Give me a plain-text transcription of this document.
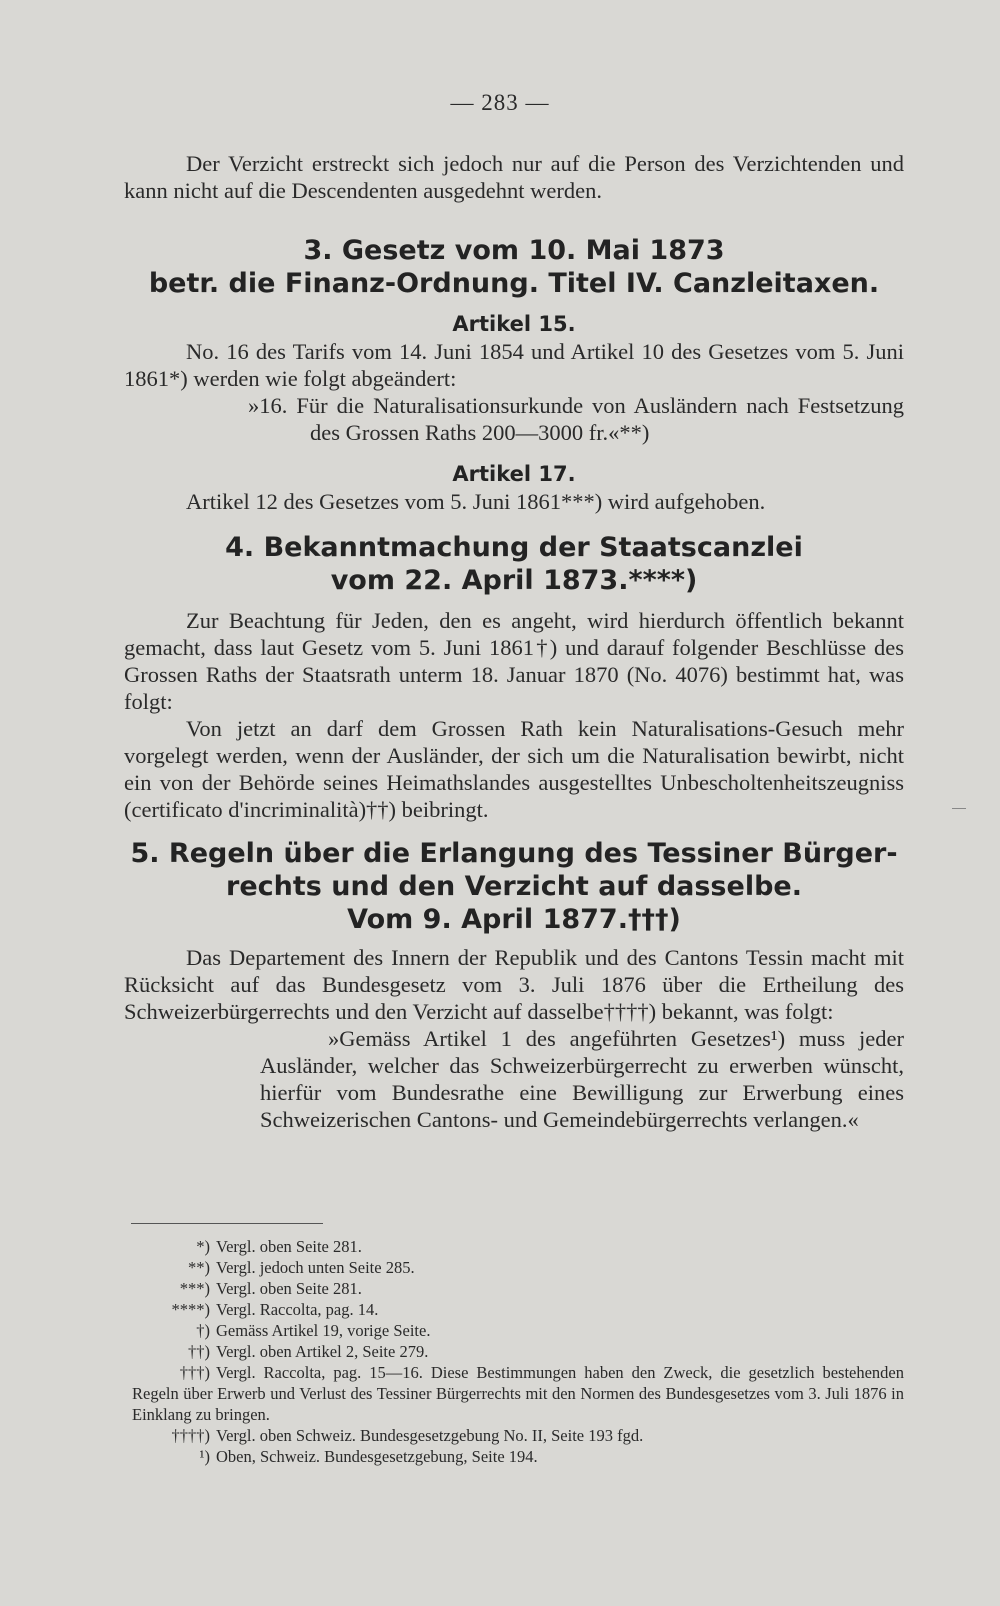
— 283 —

Der Verzicht erstreckt sich jedoch nur auf die Person des Verzichtenden und kann nicht auf die Descendenten ausgedehnt werden.

3. Gesetz vom 10. Mai 1873
betr. die Finanz-Ordnung. Titel IV. Canzleitaxen.
Artikel 15.

No. 16 des Tarifs vom 14. Juni 1854 und Artikel 10 des Gesetzes vom 5. Juni 1861*) werden wie folgt abgeändert:

»16. Für die Naturalisationsurkunde von Ausländern nach Festsetzung des Grossen Raths 200—3000 fr.«**)

Artikel 17.

Artikel 12 des Gesetzes vom 5. Juni 1861***) wird aufgehoben.

4. Bekanntmachung der Staatscanzlei
vom 22. April 1873.****)

Zur Beachtung für Jeden, den es angeht, wird hierdurch öffentlich bekannt gemacht, dass laut Gesetz vom 5. Juni 1861†) und darauf folgender Beschlüsse des Grossen Raths der Staatsrath unterm 18. Januar 1870 (No. 4076) bestimmt hat, was folgt:

Von jetzt an darf dem Grossen Rath kein Naturalisations-Gesuch mehr vorgelegt werden, wenn der Ausländer, der sich um die Naturalisation bewirbt, nicht ein von der Behörde seines Heimathslandes ausgestelltes Unbescholtenheitszeugniss (certificato d'incriminalità)††) beibringt.

5. Regeln über die Erlangung des Tessiner Bürger-
rechts und den Verzicht auf dasselbe.
Vom 9. April 1877.†††)

Das Departement des Innern der Republik und des Cantons Tessin macht mit Rücksicht auf das Bundesgesetz vom 3. Juli 1876 über die Ertheilung des Schweizerbürgerrechts und den Verzicht auf dasselbe††††) bekannt, was folgt:

»Gemäss Artikel 1 des angeführten Gesetzes¹) muss jeder Ausländer, welcher das Schweizerbürgerrecht zu erwerben wünscht, hierfür vom Bundesrathe eine Bewilligung zur Erwerbung eines Schweizerischen Cantons- und Gemeindebürgerrechts verlangen.«

*) Vergl. oben Seite 281.

**) Vergl. jedoch unten Seite 285.

***) Vergl. oben Seite 281.

****) Vergl. Raccolta, pag. 14.

†) Gemäss Artikel 19, vorige Seite.

††) Vergl. oben Artikel 2, Seite 279.

†††) Vergl. Raccolta, pag. 15—16. Diese Bestimmungen haben den Zweck, die gesetzlich bestehenden Regeln über Erwerb und Verlust des Tessiner Bürgerrechts mit den Normen des Bundesgesetzes vom 3. Juli 1876 in Einklang zu bringen.

††††) Vergl. oben Schweiz. Bundesgesetzgebung No. II, Seite 193 fgd.

¹) Oben, Schweiz. Bundesgesetzgebung, Seite 194.
